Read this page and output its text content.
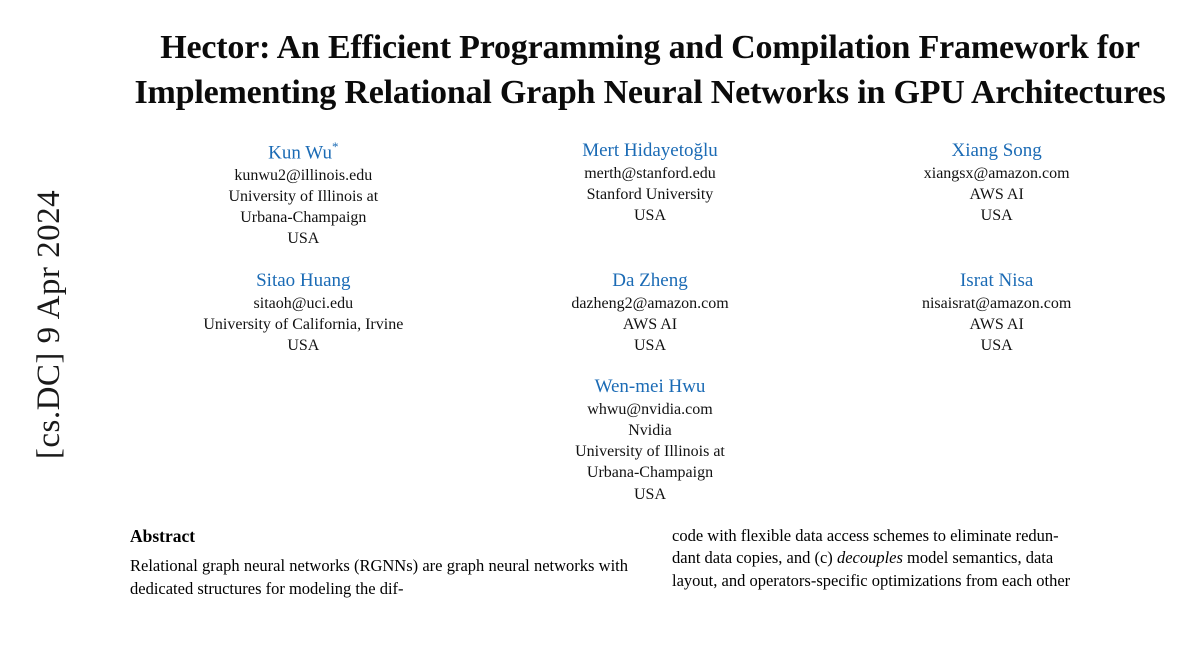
[cs.DC] 9 Apr 2024
Hector: An Efficient Programming and Compilation Framework for Implementing Relational Graph Neural Networks in GPU Architectures
Kun Wu*
kunwu2@illinois.edu
University of Illinois at
Urbana-Champaign
USA
Mert Hidayetoğlu
merth@stanford.edu
Stanford University
USA
Xiang Song
xiangsx@amazon.com
AWS AI
USA
Sitao Huang
sitaoh@uci.edu
University of California, Irvine
USA
Da Zheng
dazheng2@amazon.com
AWS AI
USA
Israt Nisa
nisaisrat@amazon.com
AWS AI
USA
Wen-mei Hwu
whwu@nvidia.com
Nvidia
University of Illinois at
Urbana-Champaign
USA
Abstract

Relational graph neural networks (RGNNs) are graph neural networks with dedicated structures for modeling the dif-

code with flexible data access schemes to eliminate redun-

dant data copies, and (c) decouples model semantics, data

layout, and operators-specific optimizations from each other
